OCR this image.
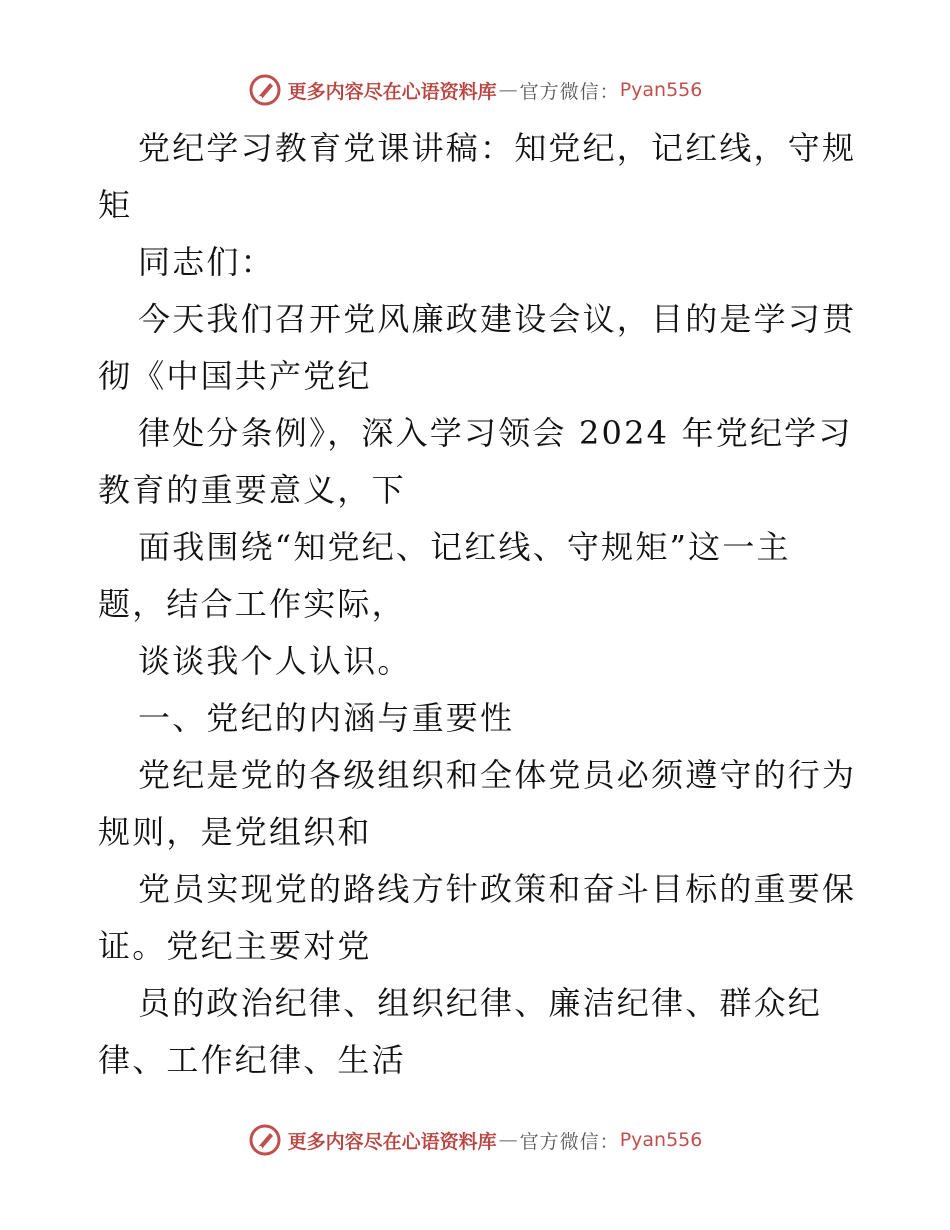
更多内容尽在心语资料库 — 官方微信： Pyan556
党纪学习教育党课讲稿：知党纪，记红线，守规
矩
同志们：
今天我们召开党风廉政建设会议，目的是学习贯
彻《中国共产党纪
律处分条例》，深入学习领会 2024 年党纪学习
教育的重要意义，下
面我围绕“知党纪、记红线、守规矩”这一主
题，结合工作实际，
谈谈我个人认识。
一、党纪的内涵与重要性
党纪是党的各级组织和全体党员必须遵守的行为
规则，是党组织和
党员实现党的路线方针政策和奋斗目标的重要保
证。党纪主要对党
员的政治纪律、组织纪律、廉洁纪律、群众纪
律、工作纪律、生活
更多内容尽在心语资料库 — 官方微信： Pyan556
